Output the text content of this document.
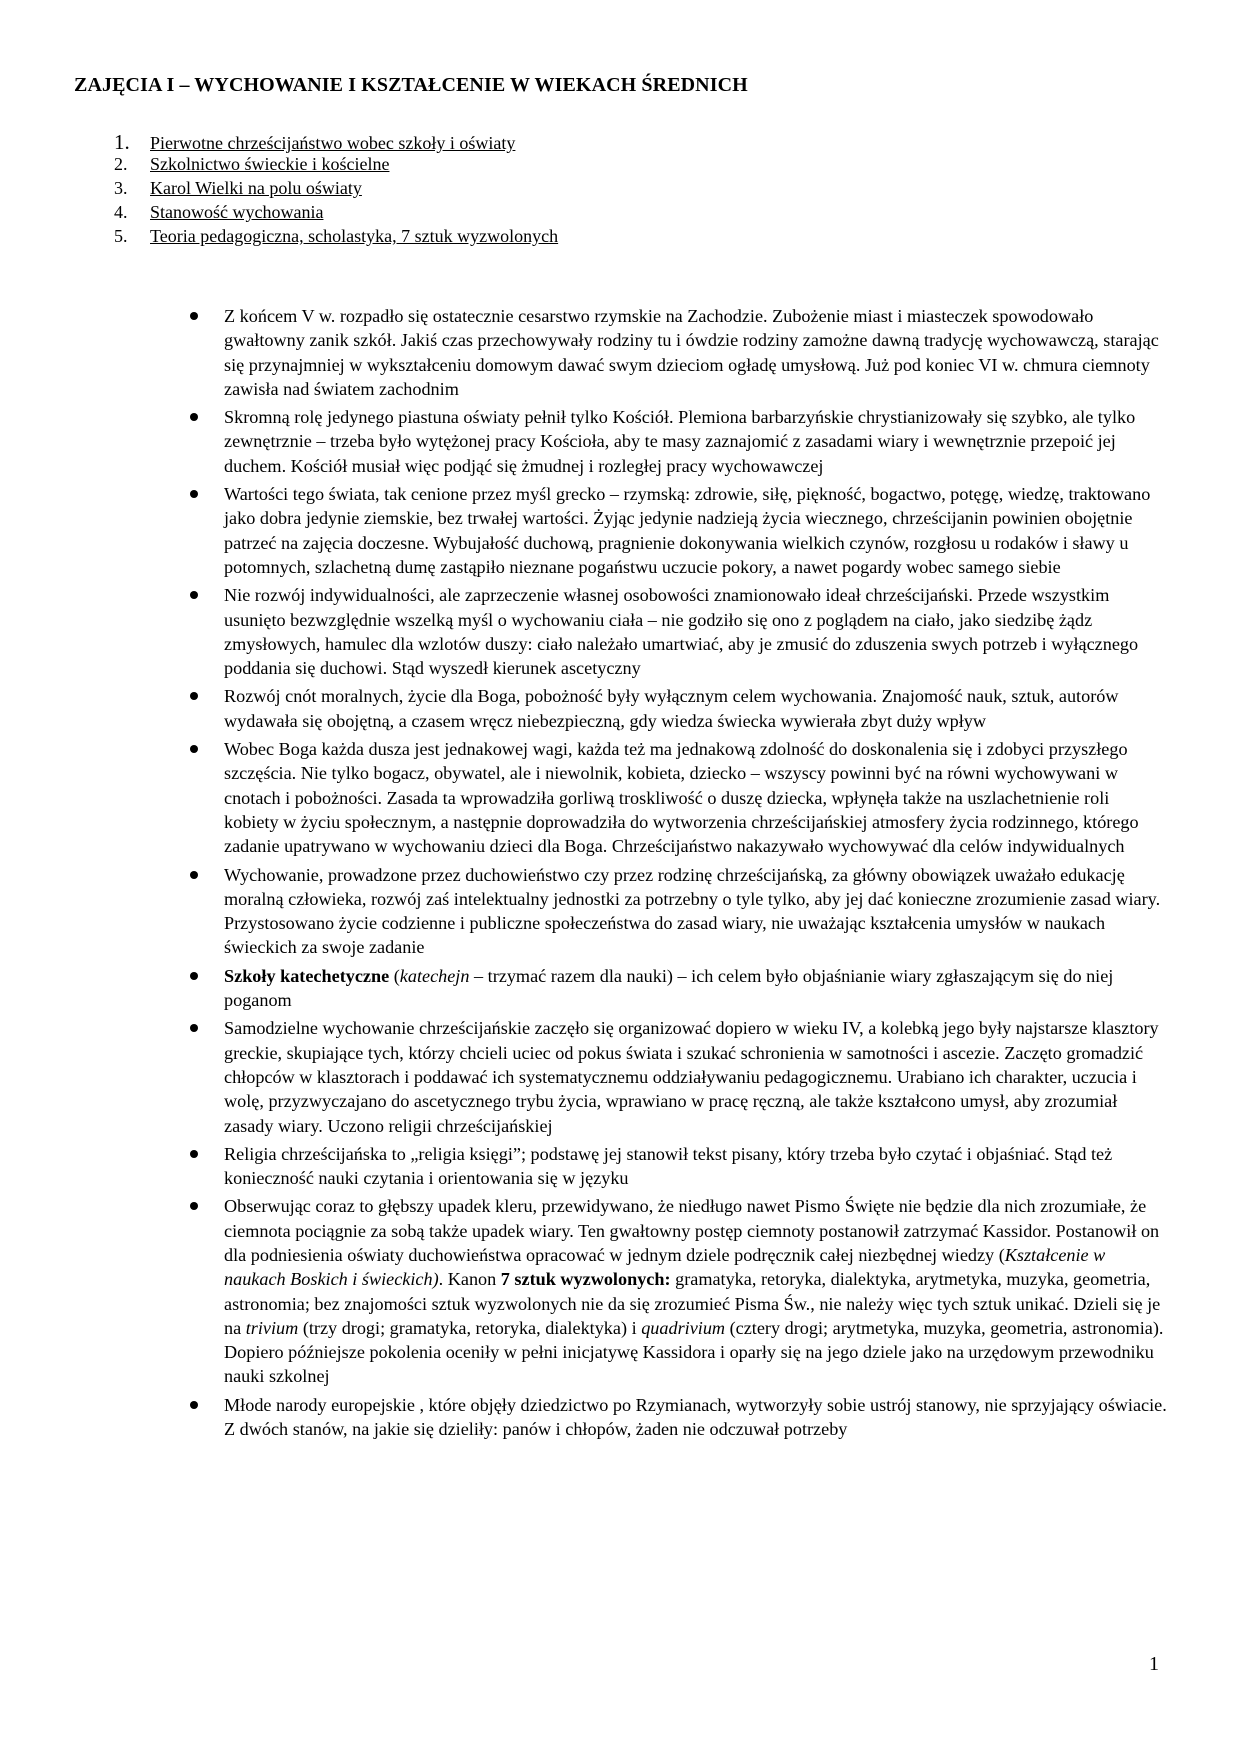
ZAJĘCIA I – WYCHOWANIE I KSZTAŁCENIE W WIEKACH ŚREDNICH
1.	Pierwotne chrześcijaństwo wobec szkoły i oświaty
2.	Szkolnictwo świeckie i kościelne
3.	Karol Wielki na polu oświaty
4.	Stanowość wychowania
5.	Teoria pedagogiczna, scholastyka, 7 sztuk wyzwolonych
Z końcem V w. rozpadło się ostatecznie cesarstwo rzymskie na Zachodzie. Zubożenie miast i miasteczek spowodowało gwałtowny zanik szkół. Jakiś czas przechowywały rodziny tu i ówdzie rodziny zamożne dawną tradycję wychowawczą, starając się przynajmniej w wykształceniu domowym dawać swym dzieciom ogładę umysłową. Już pod koniec VI w. chmura ciemnoty zawisła nad światem zachodnim
Skromną rolę jedynego piastuna oświaty pełnił tylko Kościół. Plemiona barbarzyńskie chrystianizowały się szybko, ale tylko zewnętrznie – trzeba było wytężonej pracy Kościoła, aby te masy zaznajomić z zasadami wiary i wewnętrznie przepoić jej duchem. Kościół musiał więc podjąć się żmudnej i rozległej pracy wychowawczej
Wartości tego świata, tak cenione przez myśl grecko – rzymską: zdrowie, siłę, piękność, bogactwo, potęgę, wiedzę, traktowano jako dobra jedynie ziemskie, bez trwałej wartości. Żyjąc jedynie nadzieją życia wiecznego, chrześcijanin powinien obojętnie patrzeć na zajęcia doczesne. Wybujałość duchową, pragnienie dokonywania wielkich czynów, rozgłosu u rodaków i sławy u potomnych, szlachetną dumę zastąpiło nieznane pogaństwu uczucie pokory, a nawet pogardy wobec samego siebie
Nie rozwój indywidualności, ale zaprzeczenie własnej osobowości znamionowało ideał chrześcijański. Przede wszystkim usunięto bezwzględnie wszelką myśl o wychowaniu ciała – nie godziło się ono z poglądem na ciało, jako siedzibę żądz zmysłowych, hamulec dla wzlotów duszy: ciało należało umartwiać, aby je zmusić do zduszenia swych potrzeb i wyłącznego poddania się duchowi. Stąd wyszedł kierunek ascetyczny
Rozwój cnót moralnych, życie dla Boga, pobożność były wyłącznym celem wychowania. Znajomość nauk, sztuk, autorów wydawała się obojętną, a czasem wręcz niebezpieczną, gdy wiedza świecka wywierała zbyt duży wpływ
Wobec Boga każda dusza jest jednakowej wagi, każda też ma jednakową zdolność do doskonalenia się i zdobyci przyszłego szczęścia. Nie tylko bogacz, obywatel, ale i niewolnik, kobieta, dziecko – wszyscy powinni być na równi wychowywani w cnotach i pobożności. Zasada ta wprowadziła gorliwą troskliwość o duszę dziecka, wpłynęła także na uszlachetnienie roli kobiety w życiu społecznym, a następnie doprowadziła do wytworzenia chrześcijańskiej atmosfery życia rodzinnego, którego zadanie upatrywano w wychowaniu dzieci dla Boga. Chrześcijaństwo nakazywało wychowywać dla celów indywidualnych
Wychowanie, prowadzone przez duchowieństwo czy przez rodzinę chrześcijańską, za główny obowiązek uważało edukację moralną człowieka, rozwój zaś intelektualny jednostki za potrzebny o tyle tylko, aby jej dać konieczne zrozumienie zasad wiary. Przystosowano życie codzienne i publiczne społeczeństwa do zasad wiary, nie uważając kształcenia umysłów w naukach świeckich za swoje zadanie
Szkoły katechetyczne (katechejn – trzymać razem dla nauki) – ich celem było objaśnianie wiary zgłaszającym się do niej poganom
Samodzielne wychowanie chrześcijańskie zaczęło się organizować dopiero w wieku IV, a kolebką jego były najstarsze klasztory greckie, skupiające tych, którzy chcieli uciec od pokus świata i szukać schronienia w samotności i ascezie. Zaczęto gromadzić chłopców w klasztorach i poddawać ich systematycznemu oddziaływaniu pedagogicznemu. Urabiano ich charakter, uczucia i wolę, przyzwyczajano do ascetycznego trybu życia, wprawiano w pracę ręczną, ale także kształcono umysł, aby zrozumiał zasady wiary. Uczono religii chrześcijańskiej
Religia chrześcijańska to „religia księgi”; podstawę jej stanowił tekst pisany, który trzeba było czytać i objaśniać. Stąd też konieczność nauki czytania i orientowania się w języku
Obserwując coraz to głębszy upadek kleru, przewidywano, że niedługo nawet Pismo Święte nie będzie dla nich zrozumiałe, że ciemnota pociągnie za sobą także upadek wiary. Ten gwałtowny postęp ciemnoty postanowił zatrzymać Kassidor. Postanowił on dla podniesienia oświaty duchowieństwa opracować w jednym dziele podręcznik całej niezbędnej wiedzy (Kształcenie w naukach Boskich i świeckich). Kanon 7 sztuk wyzwolonych: gramatyka, retoryka, dialektyka, arytmetyka, muzyka, geometria, astronomia; bez znajomości sztuk wyzwolonych nie da się zrozumieć Pisma Św., nie należy więc tych sztuk unikać. Dzieli się je na trivium (trzy drogi; gramatyka, retoryka, dialektyka) i quadrivium (cztery drogi; arytmetyka, muzyka, geometria, astronomia). Dopiero późniejsze pokolenia oceniły w pełni inicjatywę Kassidora i oparły się na jego dziele jako na urzędowym przewodniku nauki szkolnej
Młode narody europejskie , które objęły dziedzictwo po Rzymianach, wytworzyły sobie ustrój stanowy, nie sprzyjający oświacie. Z dwóch stanów, na jakie się dzieliły: panów i chłopów, żaden nie odczuwał potrzeby
1
